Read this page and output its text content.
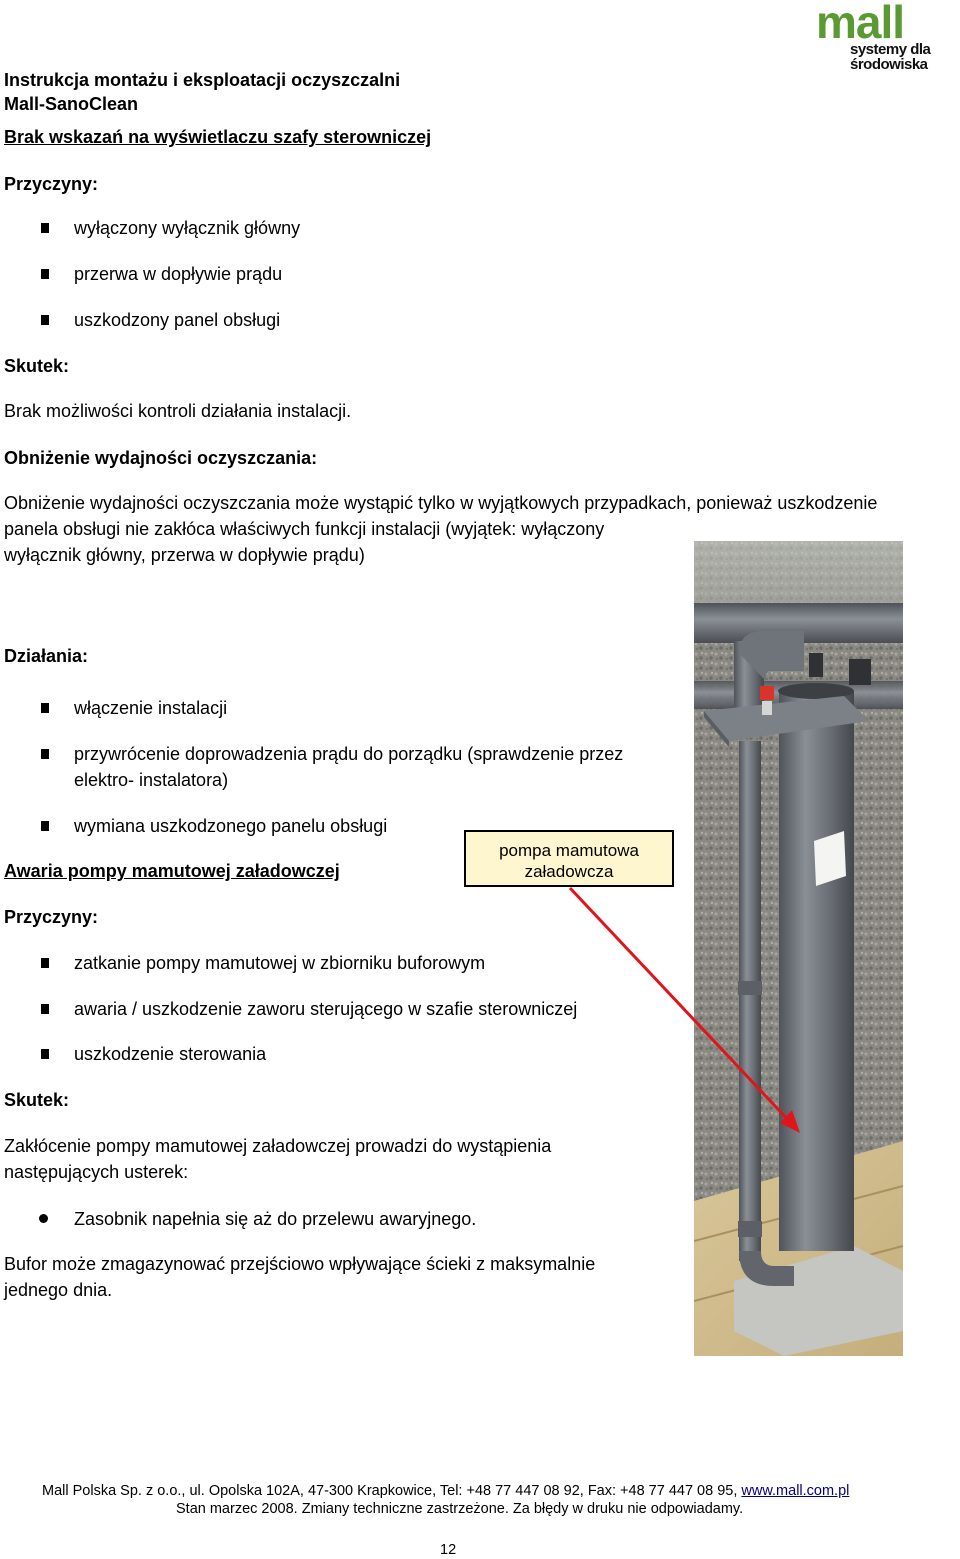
mall
systemy dla
środowiska
Instrukcja montażu i eksploatacji oczyszczalni
Mall-SanoClean
Brak wskazań na wyświetlaczu szafy sterowniczej
Przyczyny:
wyłączony wyłącznik główny
przerwa w dopływie prądu
uszkodzony panel obsługi
Skutek:
Brak możliwości kontroli działania instalacji.
Obniżenie wydajności oczyszczania:
Obniżenie wydajności oczyszczania może wystąpić tylko w wyjątkowych przypadkach, ponieważ uszkodzenie
panela obsługi nie zakłóca właściwych funkcji instalacji (wyjątek: wyłączony
wyłącznik główny, przerwa w dopływie prądu)
Działania:
włączenie instalacji
przywrócenie doprowadzenia prądu do porządku (sprawdzenie przez
elektro- instalatora)
wymiana uszkodzonego panelu obsługi
pompa mamutowa
załadowcza
Awaria pompy mamutowej załadowczej
Przyczyny:
zatkanie pompy mamutowej w zbiorniku buforowym
awaria / uszkodzenie zaworu sterującego w szafie sterowniczej
uszkodzenie sterowania
Skutek:
Zakłócenie pompy mamutowej załadowczej prowadzi do wystąpienia
następujących usterek:
Zasobnik napełnia się aż do przelewu awaryjnego.
Bufor może zmagazynować przejściowo wpływające ścieki z maksymalnie
jednego dnia.
Mall Polska Sp. z o.o., ul. Opolska 102A, 47-300 Krapkowice, Tel: +48 77 447 08 92, Fax: +48 77 447 08 95, www.mall.com.pl
Stan marzec 2008. Zmiany techniczne zastrzeżone. Za błędy w druku nie odpowiadamy.
12
